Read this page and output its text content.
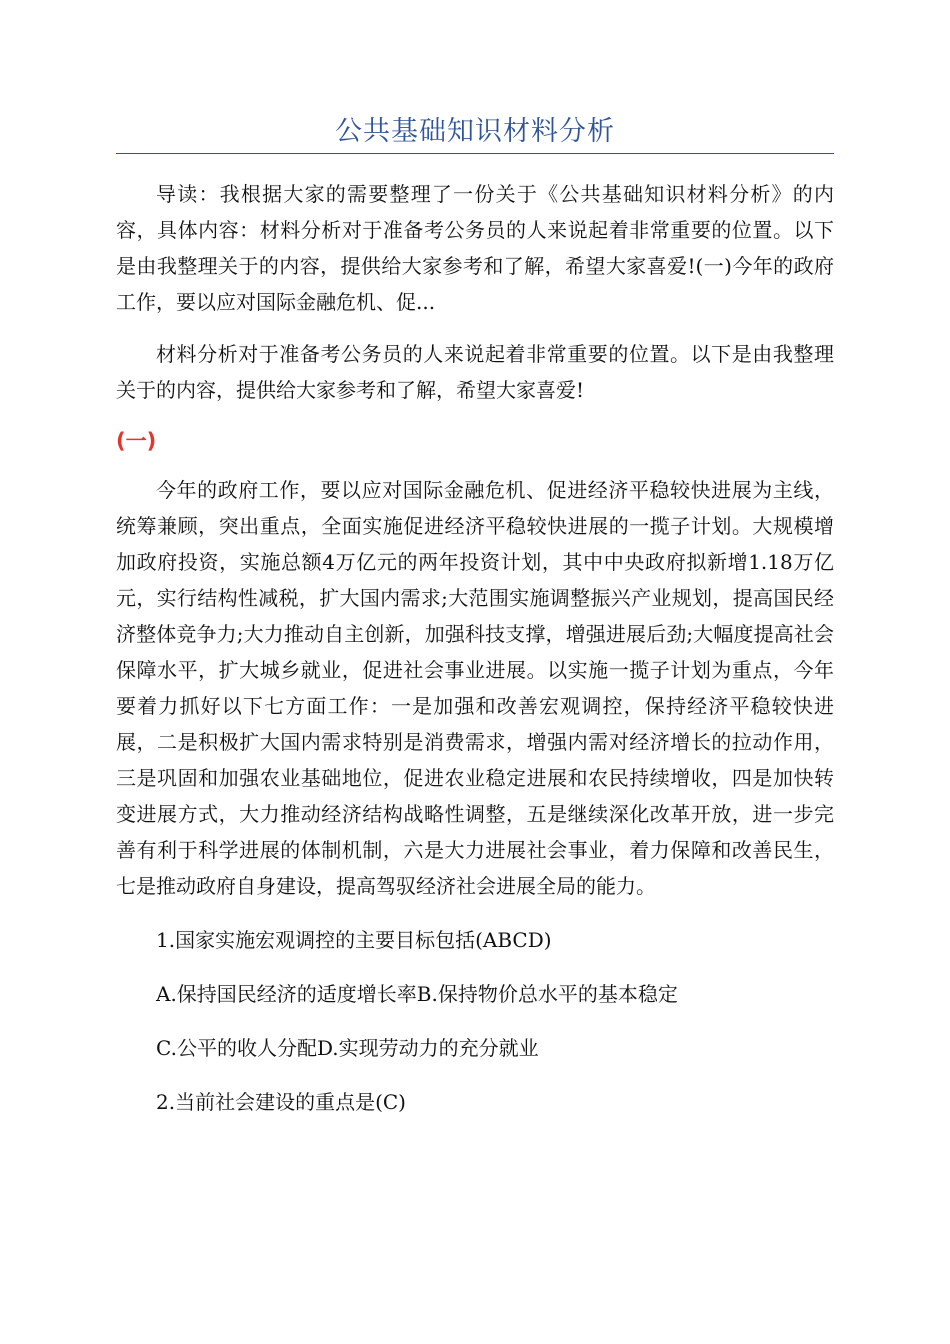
公共基础知识材料分析

导读：我根据大家的需要整理了一份关于《公共基础知识材料分析》的内容，具体内容：材料分析对于准备考公务员的人来说起着非常重要的位置。以下是由我整理关于的内容，提供给大家参考和了解，希望大家喜爱!(一)今年的政府工作，要以应对国际金融危机、促...

材料分析对于准备考公务员的人来说起着非常重要的位置。以下是由我整理关于的内容，提供给大家参考和了解，希望大家喜爱!

(一)

今年的政府工作，要以应对国际金融危机、促进经济平稳较快进展为主线，统筹兼顾，突出重点，全面实施促进经济平稳较快进展的一揽子计划。大规模增加政府投资，实施总额4万亿元的两年投资计划，其中中央政府拟新增1.18万亿元，实行结构性减税，扩大国内需求;大范围实施调整振兴产业规划，提高国民经济整体竞争力;大力推动自主创新，加强科技支撑，增强进展后劲;大幅度提高社会保障水平，扩大城乡就业，促进社会事业进展。以实施一揽子计划为重点，今年要着力抓好以下七方面工作：一是加强和改善宏观调控，保持经济平稳较快进展，二是积极扩大国内需求特别是消费需求，增强内需对经济增长的拉动作用，三是巩固和加强农业基础地位，促进农业稳定进展和农民持续增收，四是加快转变进展方式，大力推动经济结构战略性调整，五是继续深化改革开放，进一步完善有利于科学进展的体制机制，六是大力进展社会事业，着力保障和改善民生，七是推动政府自身建设，提高驾驭经济社会进展全局的能力。

1.国家实施宏观调控的主要目标包括(ABCD)

A.保持国民经济的适度增长率B.保持物价总水平的基本稳定

C.公平的收人分配D.实现劳动力的充分就业

2.当前社会建设的重点是(C)
